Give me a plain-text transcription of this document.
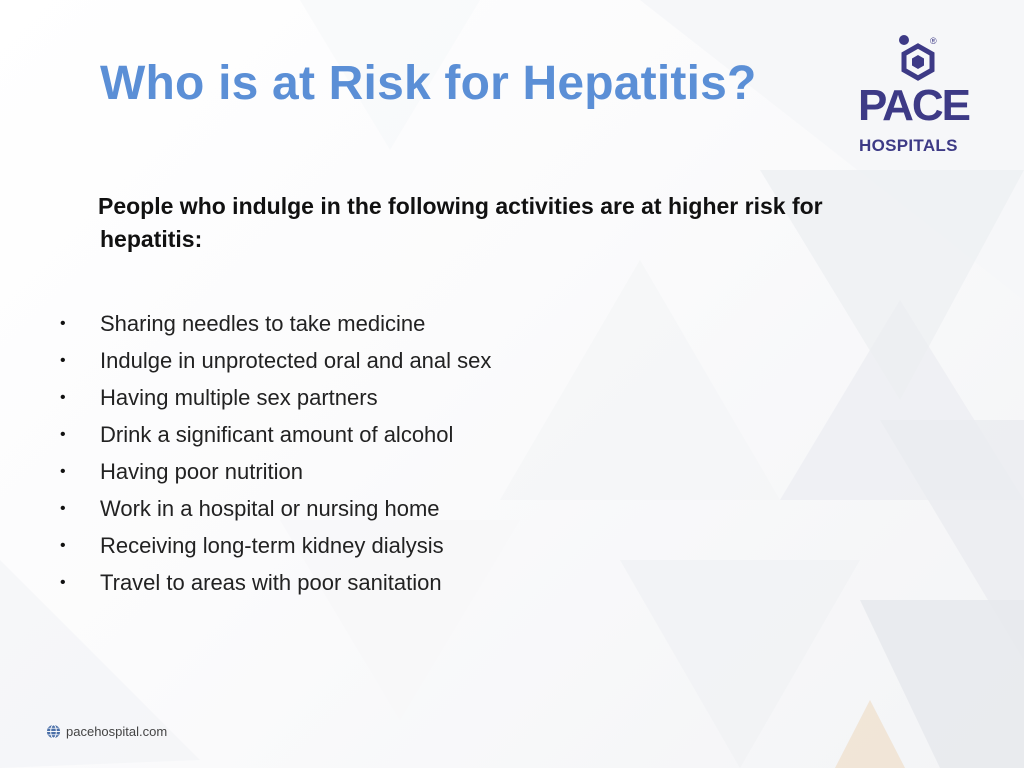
Who is at Risk for Hepatitis?
®
PACE
HOSPITALS

People who indulge in the following activities are at higher risk for hepatitis:

• Sharing needles to take medicine
• Indulge in unprotected oral and anal sex
• Having multiple sex partners
• Drink a significant amount of alcohol
• Having poor nutrition
• Work in a hospital or nursing home
• Receiving long-term kidney dialysis
• Travel to areas with poor sanitation
pacehospital.com
